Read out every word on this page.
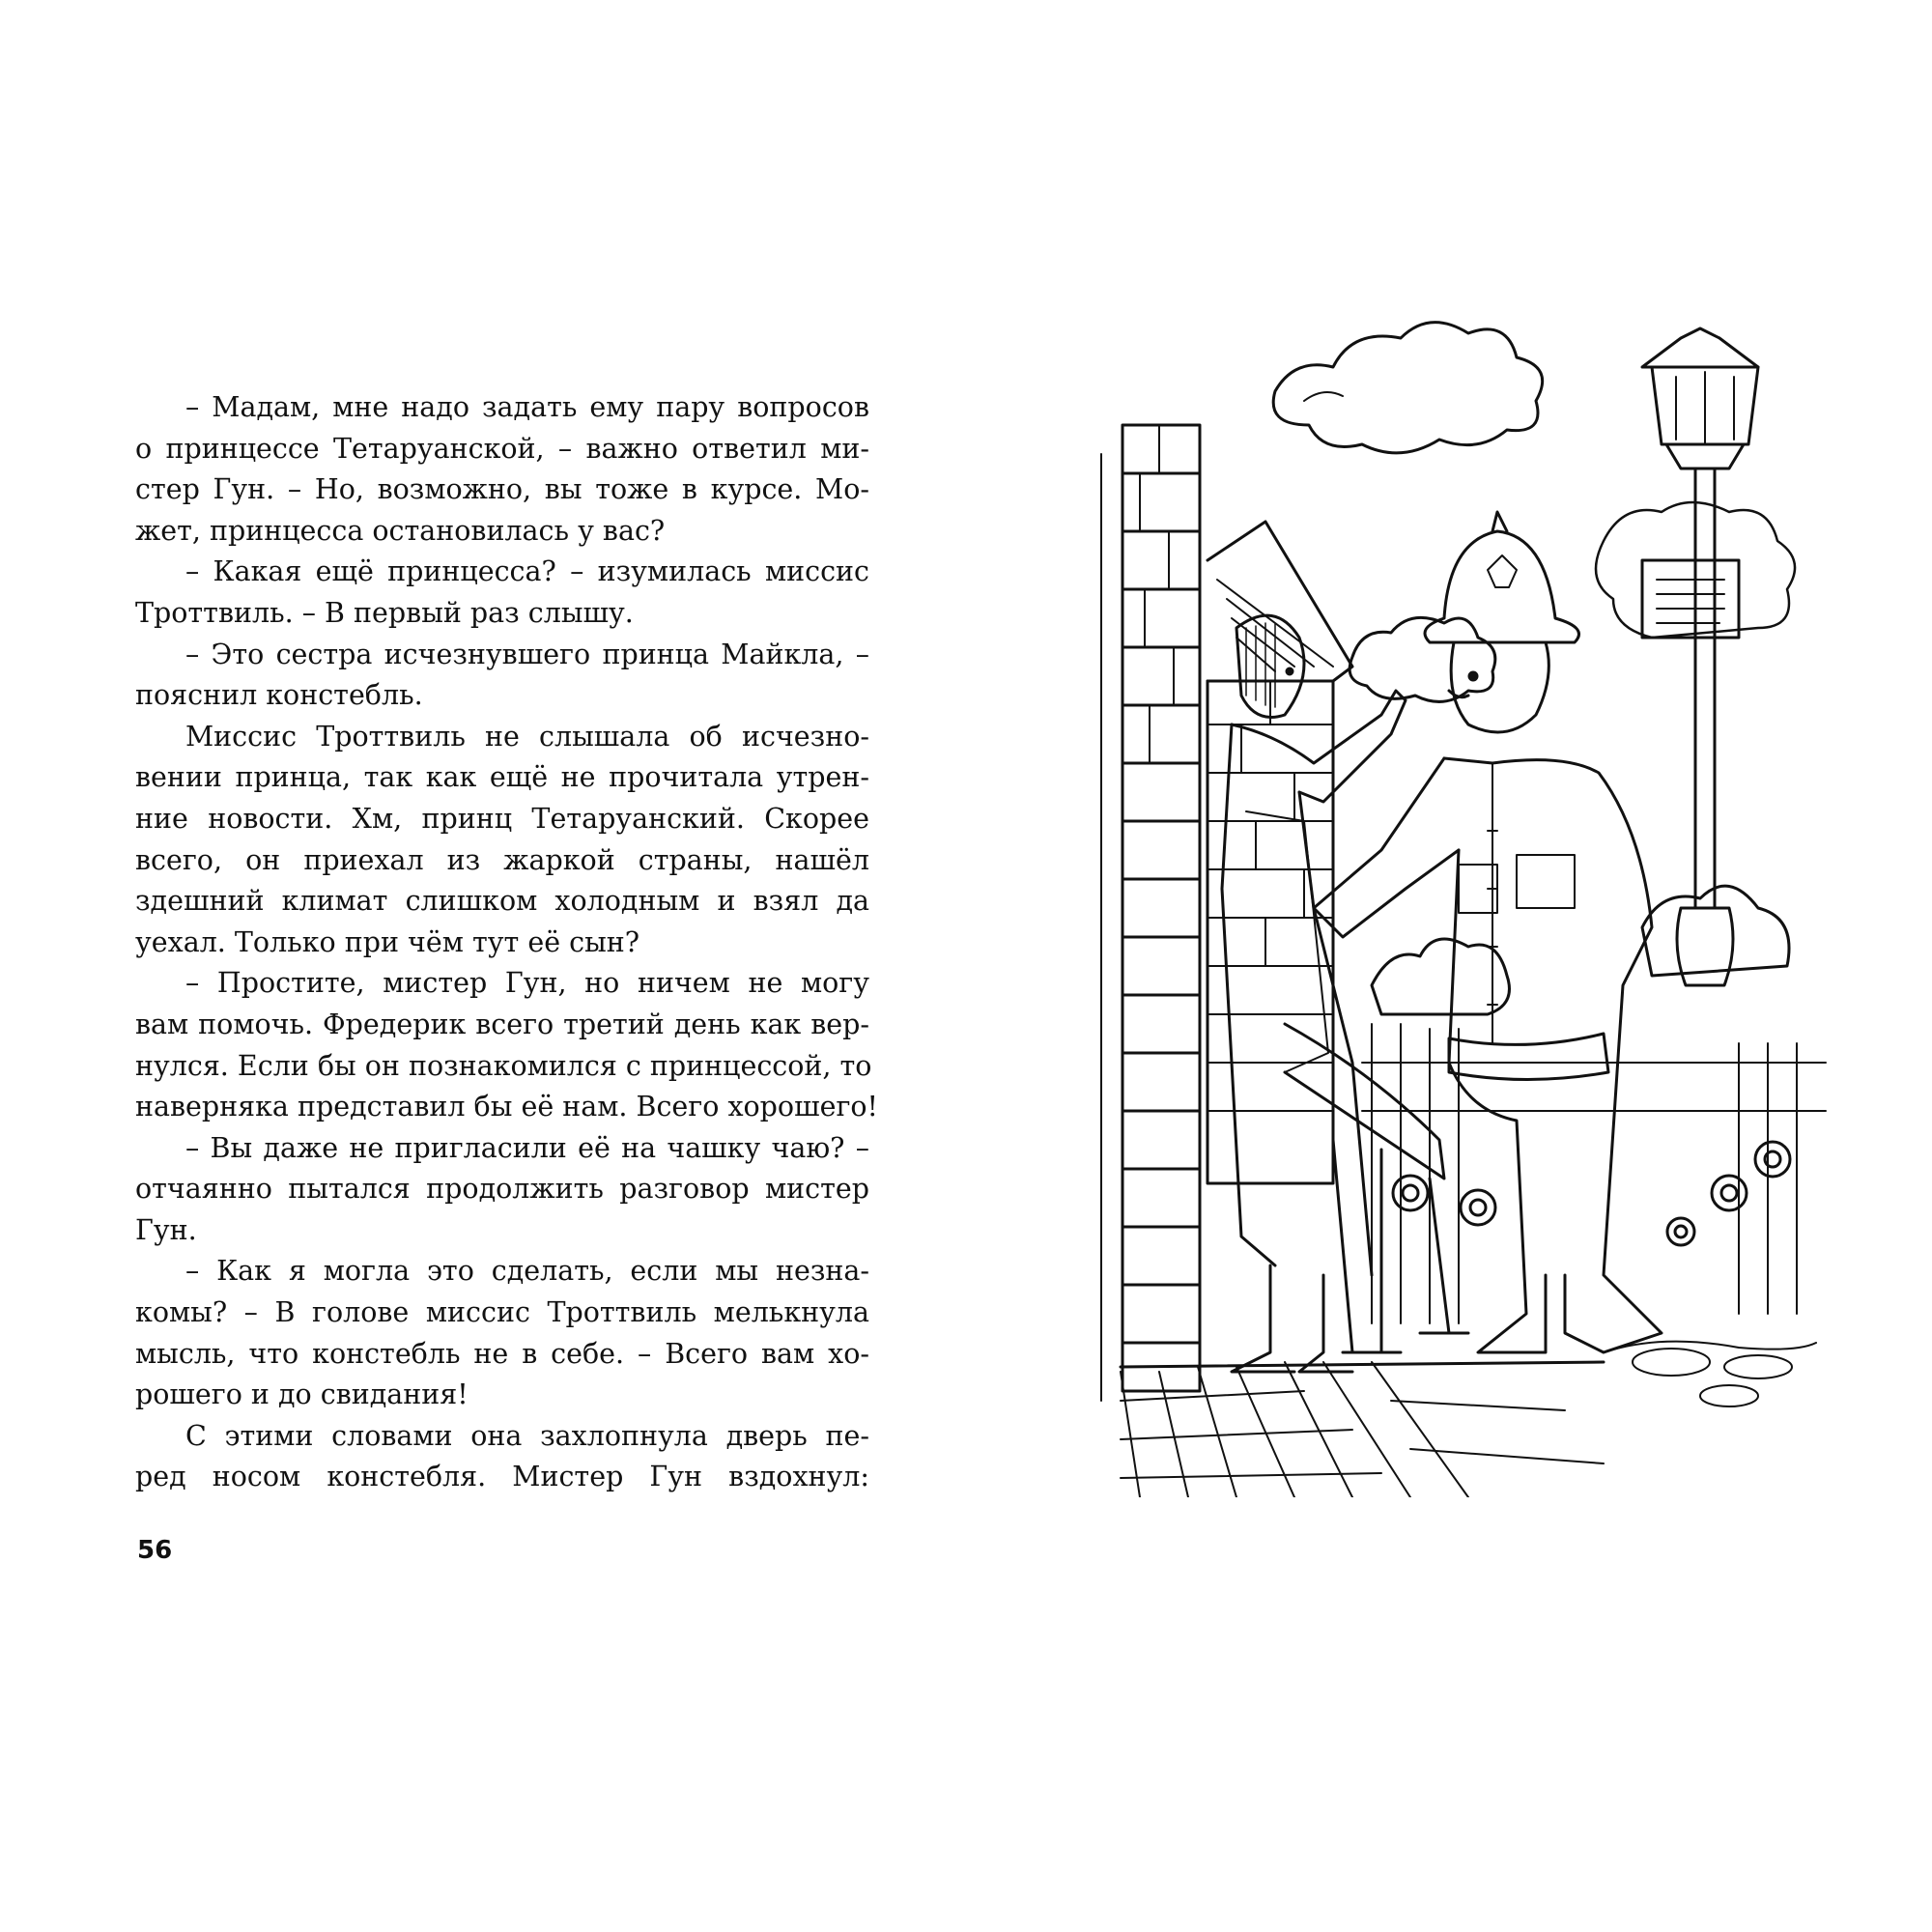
– Мадам, мне надо задать ему пару вопросов
о принцессе Тетаруанской, – важно ответил ми-
стер Гун. – Но, возможно, вы тоже в курсе. Мо-
жет, принцесса остановилась у вас?
– Какая ещё принцесса? – изумилась миссис
Троттвиль. – В первый раз слышу.
– Это сестра исчезнувшего принца Майкла, –
пояснил констебль.
Миссис Троттвиль не слышала об исчезно-
вении принца, так как ещё не прочитала утрен-
ние новости. Хм, принц Тетаруанский. Скорее
всего, он приехал из жаркой страны, нашёл
здешний климат слишком холодным и взял да
уехал. Только при чём тут её сын?
– Простите, мистер Гун, но ничем не могу
вам помочь. Фредерик всего третий день как вер-
нулся. Если бы он познакомился с принцессой, то
наверняка представил бы её нам. Всего хорошего!
– Вы даже не пригласили её на чашку чаю? –
отчаянно пытался продолжить разговор мистер
Гун.
– Как я могла это сделать, если мы незна-
комы? – В голове миссис Троттвиль мелькнула
мысль, что констебль не в себе. – Всего вам хо-
рошего и до свидания!
С этими словами она захлопнула дверь пе-
ред носом констебля. Мистер Гун вздохнул:
56
